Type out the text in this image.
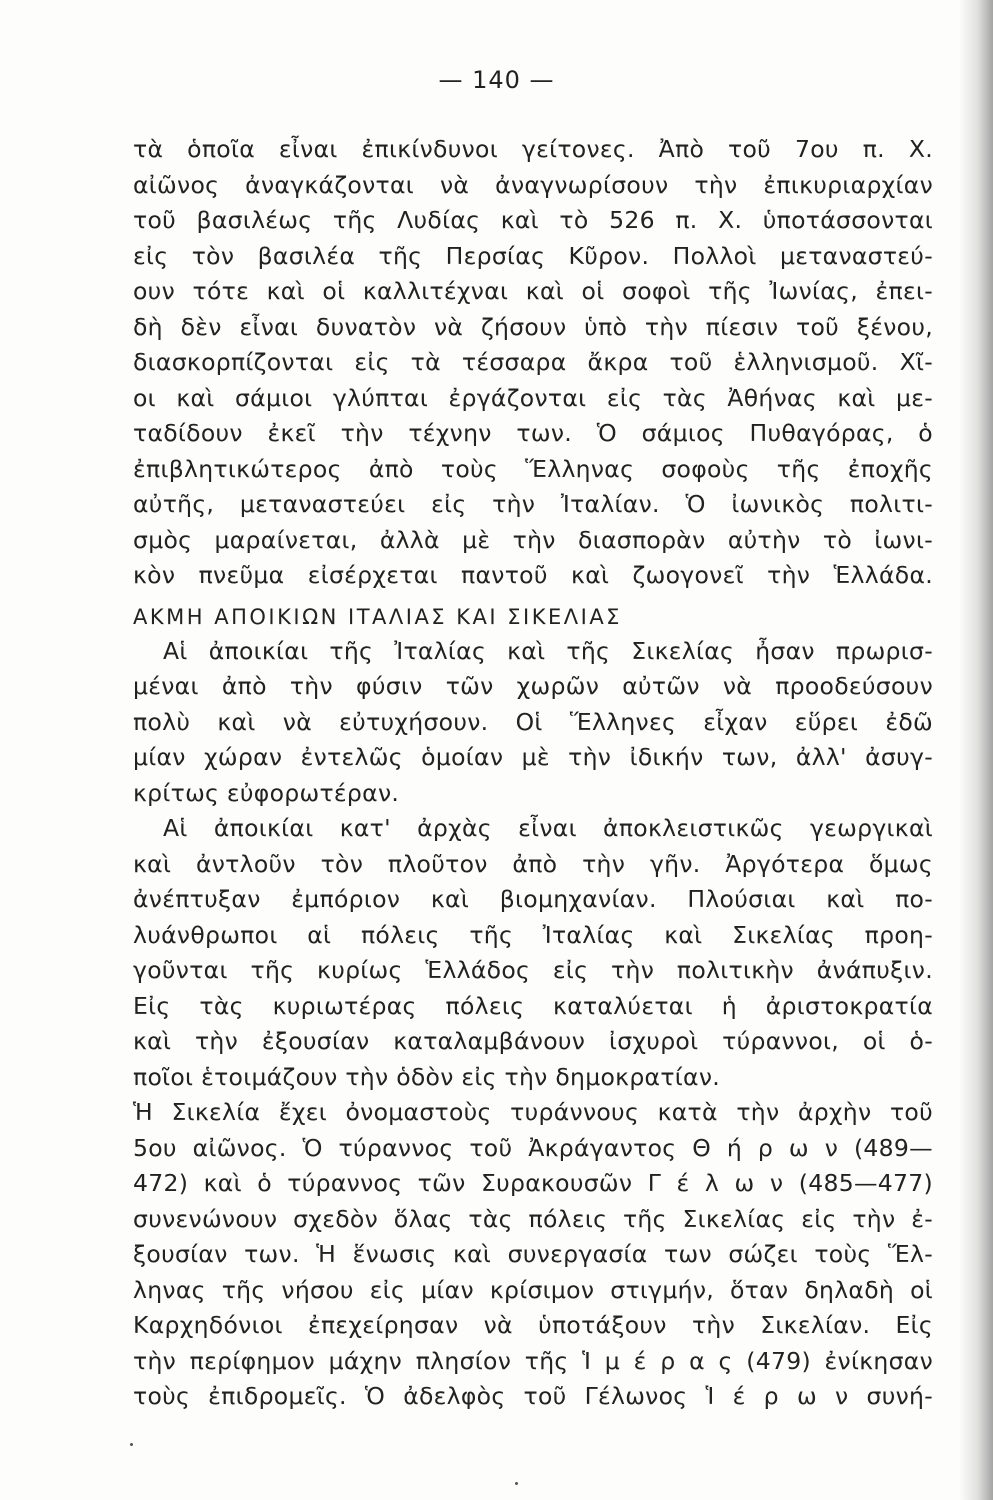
— 140 —
τὰ ὁποῖα εἶναι ἐπικίνδυνοι γείτονες. Ἀπὸ τοῦ 7ου π. Χ.
αἰῶνος ἀναγκάζονται νὰ ἀναγνωρίσουν τὴν ἐπικυριαρχίαν
τοῦ βασιλέως τῆς Λυδίας καὶ τὸ 526 π. Χ. ὑποτάσσονται
εἰς τὸν βασιλέα τῆς Περσίας Κῦρον. Πολλοὶ μεταναστεύ-
ουν τότε καὶ οἱ καλλιτέχναι καὶ οἱ σοφοὶ τῆς Ἰωνίας, ἐπει-
δὴ δὲν εἶναι δυνατὸν νὰ ζήσουν ὑπὸ τὴν πίεσιν τοῦ ξένου,
διασκορπίζονται εἰς τὰ τέσσαρα ἄκρα τοῦ ἑλληνισμοῦ. Χῖ-
οι καὶ σάμιοι γλύπται ἐργάζονται εἰς τὰς Ἀθήνας καὶ με-
ταδίδουν ἐκεῖ τὴν τέχνην των. Ὁ σάμιος Πυθαγόρας, ὁ
ἐπιβλητικώτερος ἀπὸ τοὺς Ἕλληνας σοφοὺς τῆς ἐποχῆς
αὐτῆς, μεταναστεύει εἰς τὴν Ἰταλίαν. Ὁ ἰωνικὸς πολιτι-
σμὸς μαραίνεται, ἀλλὰ μὲ τὴν διασπορὰν αὐτὴν τὸ ἰωνι-
κὸν πνεῦμα εἰσέρχεται παντοῦ καὶ ζωογονεῖ τὴν Ἑλλάδα.
ΑΚΜΗ ΑΠΟΙΚΙΩΝ ΙΤΑΛΙΑΣ ΚΑΙ ΣΙΚΕΛΙΑΣ
Αἱ ἀποικίαι τῆς Ἰταλίας καὶ τῆς Σικελίας ἦσαν πρωρισ-
μέναι ἀπὸ τὴν φύσιν τῶν χωρῶν αὐτῶν νὰ προοδεύσουν
πολὺ καὶ νὰ εὐτυχήσουν. Οἱ Ἕλληνες εἶχαν εὕρει ἐδῶ
μίαν χώραν ἐντελῶς ὁμοίαν μὲ τὴν ἰδικήν των, ἀλλ' ἀσυγ-
κρίτως εὐφορωτέραν.
Αἱ ἀποικίαι κατ' ἀρχὰς εἶναι ἀποκλειστικῶς γεωργικαὶ
καὶ ἀντλοῦν τὸν πλοῦτον ἀπὸ τὴν γῆν. Ἀργότερα ὅμως
ἀνέπτυξαν ἐμπόριον καὶ βιομηχανίαν. Πλούσιαι καὶ πο-
λυάνθρωποι αἱ πόλεις τῆς Ἰταλίας καὶ Σικελίας προη-
γοῦνται τῆς κυρίως Ἑλλάδος εἰς τὴν πολιτικὴν ἀνάπυξιν.
Εἰς τὰς κυριωτέρας πόλεις καταλύεται ἡ ἀριστοκρατία
καὶ τὴν ἐξουσίαν καταλαμβάνουν ἰσχυροὶ τύραννοι, οἱ ὁ-
ποῖοι ἑτοιμάζουν τὴν ὁδὸν εἰς τὴν δημοκρατίαν.
Ἡ Σικελία ἔχει ὀνομαστοὺς τυράννους κατὰ τὴν ἀρχὴν τοῦ
5ου αἰῶνος. Ὁ τύραννος τοῦ Ἀκράγαντος Θ ή ρ ω ν (489—
472) καὶ ὁ τύραννος τῶν Συρακουσῶν Γ έ λ ω ν (485—477)
συνενώνουν σχεδὸν ὅλας τὰς πόλεις τῆς Σικελίας εἰς τὴν ἐ-
ξουσίαν των. Ἡ ἕνωσις καὶ συνεργασία των σώζει τοὺς Ἕλ-
ληνας τῆς νήσου εἰς μίαν κρίσιμον στιγμήν, ὅταν δηλαδὴ οἱ
Καρχηδόνιοι ἐπεχείρησαν νὰ ὑποτάξουν τὴν Σικελίαν. Εἰς
τὴν περίφημον μάχην πλησίον τῆς Ἱ μ έ ρ α ς (479) ἐνίκησαν
τοὺς ἐπιδρομεῖς. Ὁ ἀδελφὸς τοῦ Γέλωνος Ἱ έ ρ ω ν συνή-
